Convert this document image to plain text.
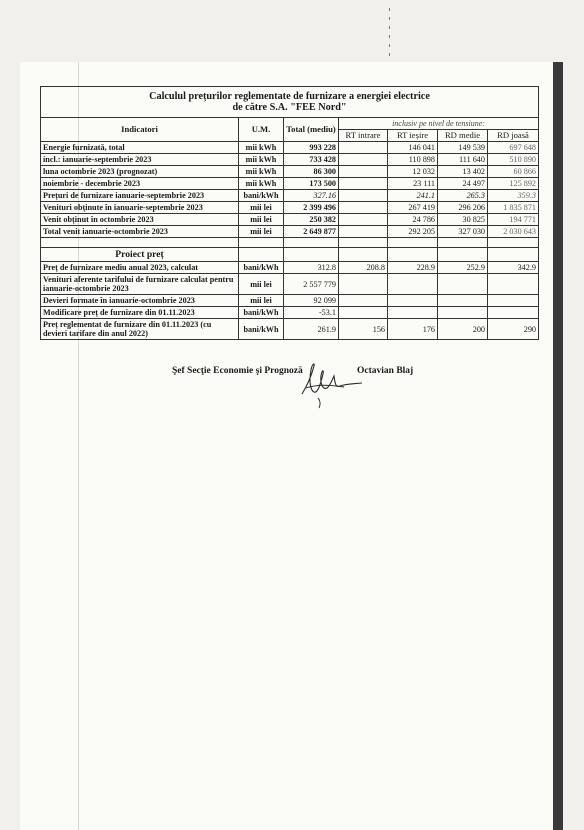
Calculul prețurilor reglementate de furnizare a energiei electrice
de către S.A. "FEE Nord"						
Indicatori	U.M.	Total (mediu)	inclusiv pe nivel de tensiune:			
			RT intrare	RT ieșire	RD medie	RD joasă
Energie furnizată, total	mii kWh	993 228		146 041	149 539	697 648
incl.: ianuarie-septembrie 2023	mii kWh	733 428		110 898	111 640	510 890
luna octombrie 2023 (prognozat)	mii kWh	86 300		12 032	13 402	60 866
noiembrie - decembrie 2023	mii kWh	173 500		23 111	24 497	125 892
Prețuri de furnizare ianuarie-septembrie 2023	bani/kWh	327.16		241.1	265.3	359.3
Venituri obținute în ianuarie-septembrie 2023	mii lei	2 399 496		267 419	296 206	1 835 871
Venit obținut în octombrie 2023	mii lei	250 382		24 786	30 825	194 771
Total venit ianuarie-octombrie 2023	mii lei	2 649 877		292 205	327 030	2 030 643

Proiect preț						
Preț de furnizare mediu anual 2023, calculat	bani/kWh	312.8	208.8	228.9	252.9	342.9
Venituri aferente tarifului de furnizare calculat pentru ianuarie-octombrie 2023	mii lei	2 557 779				
Devieri formate în ianuarie-octombrie 2023	mii lei	92 099				
Modificare preț de furnizare din 01.11.2023	bani/kWh	-53.1				
Preț reglementat de furnizare din 01.11.2023 (cu devieri tarifare din anul 2022)	bani/kWh	261.9	156	176	200	290
Şef Secţie Economie şi Prognoză	Octavian Blaj
